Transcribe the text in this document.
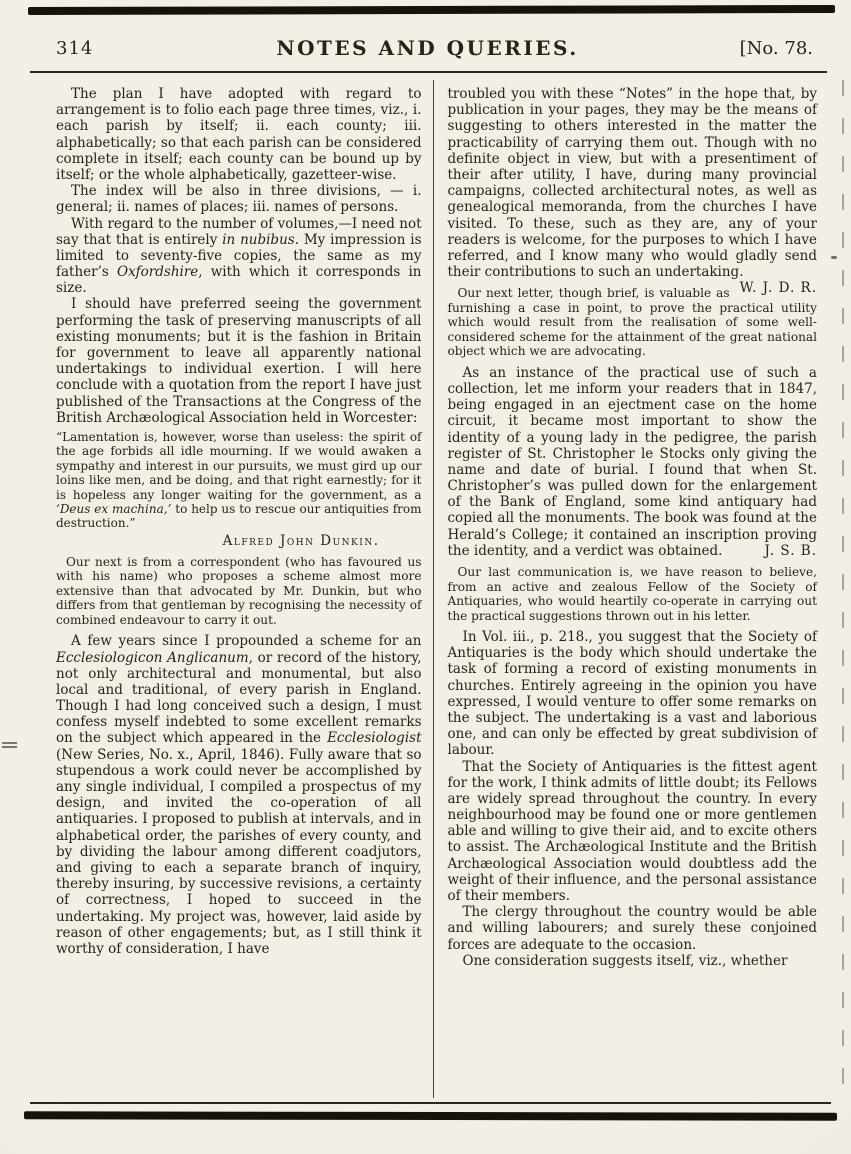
314	NOTES AND QUERIES.	[No. 78.

The plan I have adopted with regard to arrangement is to folio each page three times, viz., i. each parish by itself; ii. each county; iii. alphabetically; so that each parish can be considered complete in itself; each county can be bound up by itself; or the whole alphabetically, gazetteer-wise.

The index will be also in three divisions, — i. general; ii. names of places; iii. names of persons.

With regard to the number of volumes,—I need not say that that is entirely in nubibus. My impression is limited to seventy-five copies, the same as my father’s Oxfordshire, with which it corresponds in size.

I should have preferred seeing the government performing the task of preserving manuscripts of all existing monuments; but it is the fashion in Britain for government to leave all apparently national undertakings to individual exertion. I will here conclude with a quotation from the report I have just published of the Transactions at the Congress of the British Archæological Association held in Worcester:

“Lamentation is, however, worse than useless: the spirit of the age forbids all idle mourning. If we would awaken a sympathy and interest in our pursuits, we must gird up our loins like men, and be doing, and that right earnestly; for it is hopeless any longer waiting for the government, as a ‘Deus ex machina,’ to help us to rescue our antiquities from destruction.”

Alfred John Dunkin.

Our next is from a correspondent (who has favoured us with his name) who proposes a scheme almost more extensive than that advocated by Mr. Dunkin, but who differs from that gentleman by recognising the necessity of combined endeavour to carry it out.

A few years since I propounded a scheme for an Ecclesiologicon Anglicanum, or record of the history, not only architectural and monumental, but also local and traditional, of every parish in England. Though I had long conceived such a design, I must confess myself indebted to some excellent remarks on the subject which appeared in the Ecclesiologist (New Series, No. x., April, 1846). Fully aware that so stupendous a work could never be accomplished by any single individual, I compiled a prospectus of my design, and invited the co-operation of all antiquaries. I proposed to publish at intervals, and in alphabetical order, the parishes of every county, and by dividing the labour among different coadjutors, and giving to each a separate branch of inquiry, thereby insuring, by successive revisions, a certainty of correctness, I hoped to succeed in the undertaking. My project was, however, laid aside by reason of other engagements; but, as I still think it worthy of consideration, I have

troubled you with these “Notes” in the hope that, by publication in your pages, they may be the means of suggesting to others interested in the matter the practicability of carrying them out. Though with no definite object in view, but with a presentiment of their after utility, I have, during many provincial campaigns, collected architectural notes, as well as genealogical memoranda, from the churches I have visited. To these, such as they are, any of your readers is welcome, for the purposes to which I have referred, and I know many who would gladly send their contributions to such an undertaking.
W. J. D. R.

Our next letter, though brief, is valuable as furnishing a case in point, to prove the practical utility which would result from the realisation of some well-considered scheme for the attainment of the great national object which we are advocating.

As an instance of the practical use of such a collection, let me inform your readers that in 1847, being engaged in an ejectment case on the home circuit, it became most important to show the identity of a young lady in the pedigree, the parish register of St. Christopher le Stocks only giving the name and date of burial. I found that when St. Christopher’s was pulled down for the enlargement of the Bank of England, some kind antiquary had copied all the monuments. The book was found at the Herald’s College; it contained an inscription proving the identity, and a verdict was obtained.	J. S. B.

Our last communication is, we have reason to believe, from an active and zealous Fellow of the Society of Antiquaries, who would heartily co-operate in carrying out the practical suggestions thrown out in his letter.

In Vol. iii., p. 218., you suggest that the Society of Antiquaries is the body which should undertake the task of forming a record of existing monuments in churches. Entirely agreeing in the opinion you have expressed, I would venture to offer some remarks on the subject. The undertaking is a vast and laborious one, and can only be effected by great subdivision of labour.

That the Society of Antiquaries is the fittest agent for the work, I think admits of little doubt; its Fellows are widely spread throughout the country. In every neighbourhood may be found one or more gentlemen able and willing to give their aid, and to excite others to assist. The Archæological Institute and the British Archæological Association would doubtless add the weight of their influence, and the personal assistance of their members.

The clergy throughout the country would be able and willing labourers; and surely these conjoined forces are adequate to the occasion.

One consideration suggests itself, viz., whether
